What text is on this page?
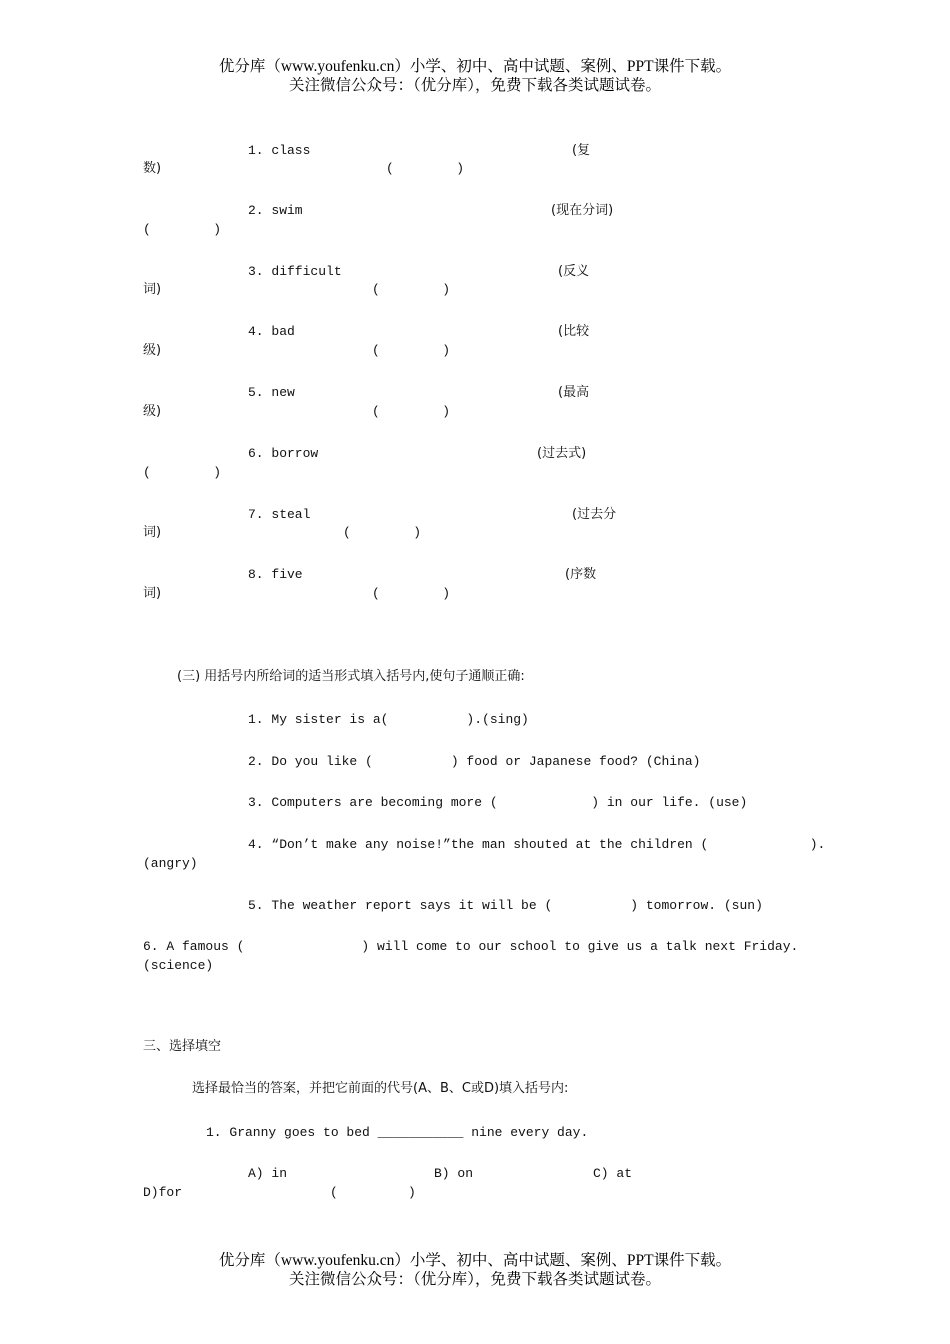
优分库（www.youfenku.cn）小学、初中、高中试题、案例、PPT课件下载。
关注微信公众号：（优分库），免费下载各类试题试卷。
1. class	(复
数)	(        )
2. swim	(现在分词)
(        )
3. difficult	(反义
词)	(        )
4. bad	(比较
级)	(        )
5. new	(最高
级)	(        )
6. borrow	(过去式)
(        )
7. steal	(过去分
词)	(        )
8. five	(序数
词)	(        )
(三) 用括号内所给词的适当形式填入括号内,使句子通顺正确:
1. My sister is a(          ).(sing)
2. Do you like (          ) food or Japanese food? (China)
3. Computers are becoming more (            ) in our life. (use)
4. “Don’t make any noise!”the man shouted at the children (             ).
(angry)
5. The weather report says it will be (          ) tomorrow. (sun)
6. A famous (               ) will come to our school to give us a talk next Friday.
(science)
三、选择填空
选择最恰当的答案，并把它前面的代号(A、B、C或D)填入括号内:
1. Granny goes to bed ___________ nine every day.
A) in	B) on	C) at
D)for	(         )
优分库（www.youfenku.cn）小学、初中、高中试题、案例、PPT课件下载。
关注微信公众号：（优分库），免费下载各类试题试卷。
